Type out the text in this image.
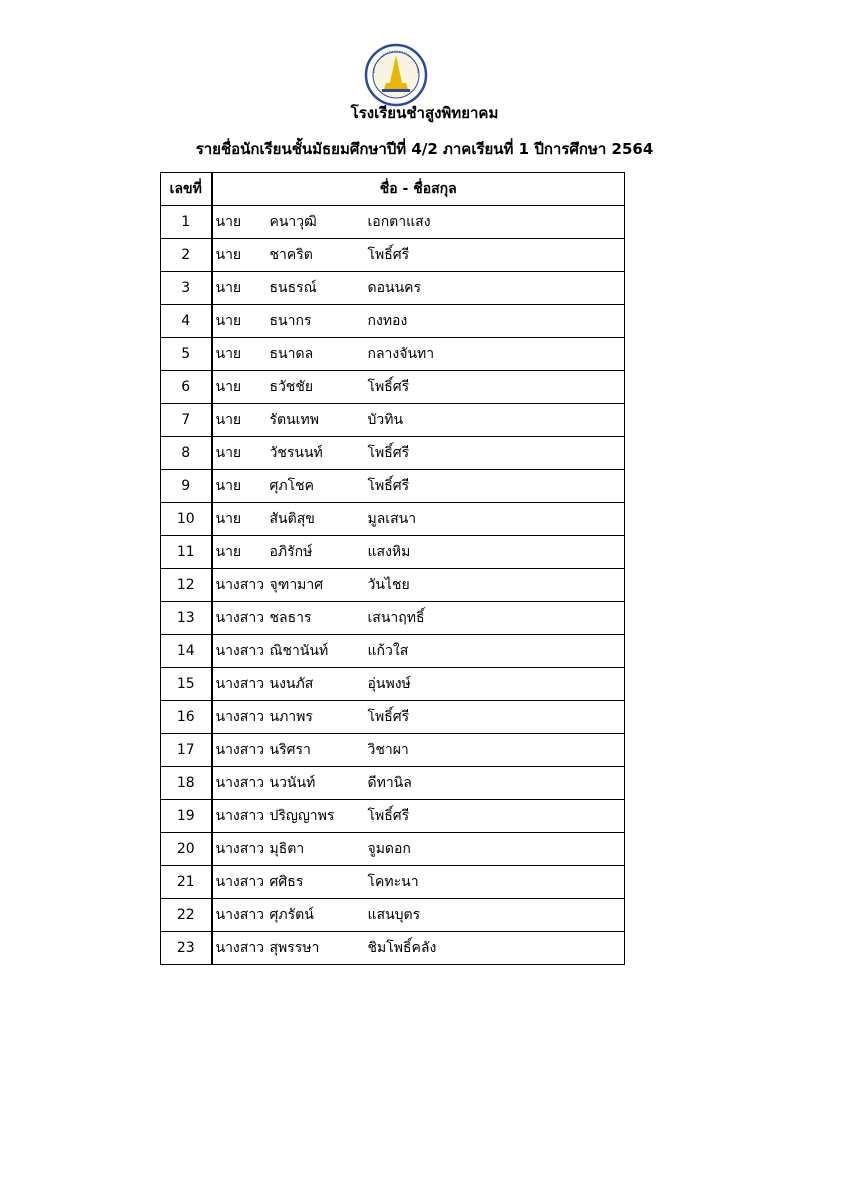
โรงเรียนชำสูงพิทยาคม
รายชื่อนักเรียนชั้นมัธยมศึกษาปีที่ 4/2 ภาคเรียนที่ 1 ปีการศึกษา 2564
เลขที่	ชื่อ - ชื่อสกุล
1	นาย คนาวุฒิ เอกตาแสง
2	นาย ชาคริต โพธิ์ศรี
3	นาย ธนธรณ์ ดอนนคร
4	นาย ธนากร กงทอง
5	นาย ธนาดล กลางจันทา
6	นาย ธวัชชัย โพธิ์ศรี
7	นาย รัตนเทพ บัวทิน
8	นาย วัชรนนท์ โพธิ์ศรี
9	นาย ศุภโชค โพธิ์ศรี
10	นาย สันติสุข มูลเสนา
11	นาย อภิรักษ์ แสงหิม
12	นางสาว จุฑามาศ วันไชย
13	นางสาว ชลธาร เสนาฤทธิ์
14	นางสาว ณิชานันท์ แก้วใส
15	นางสาว นงนภัส อุ่นพงษ์
16	นางสาว นภาพร โพธิ์ศรี
17	นางสาว นริศรา วิชาผา
18	นางสาว นวนันท์ ดีทานิล
19	นางสาว ปริญญาพร โพธิ์ศรี
20	นางสาว มุธิตา จูมดอก
21	นางสาว ศศิธร โคทะนา
22	นางสาว ศุภรัตน์ แสนบุตร
23	นางสาว สุพรรษา ชิมโพธิ์คลัง
